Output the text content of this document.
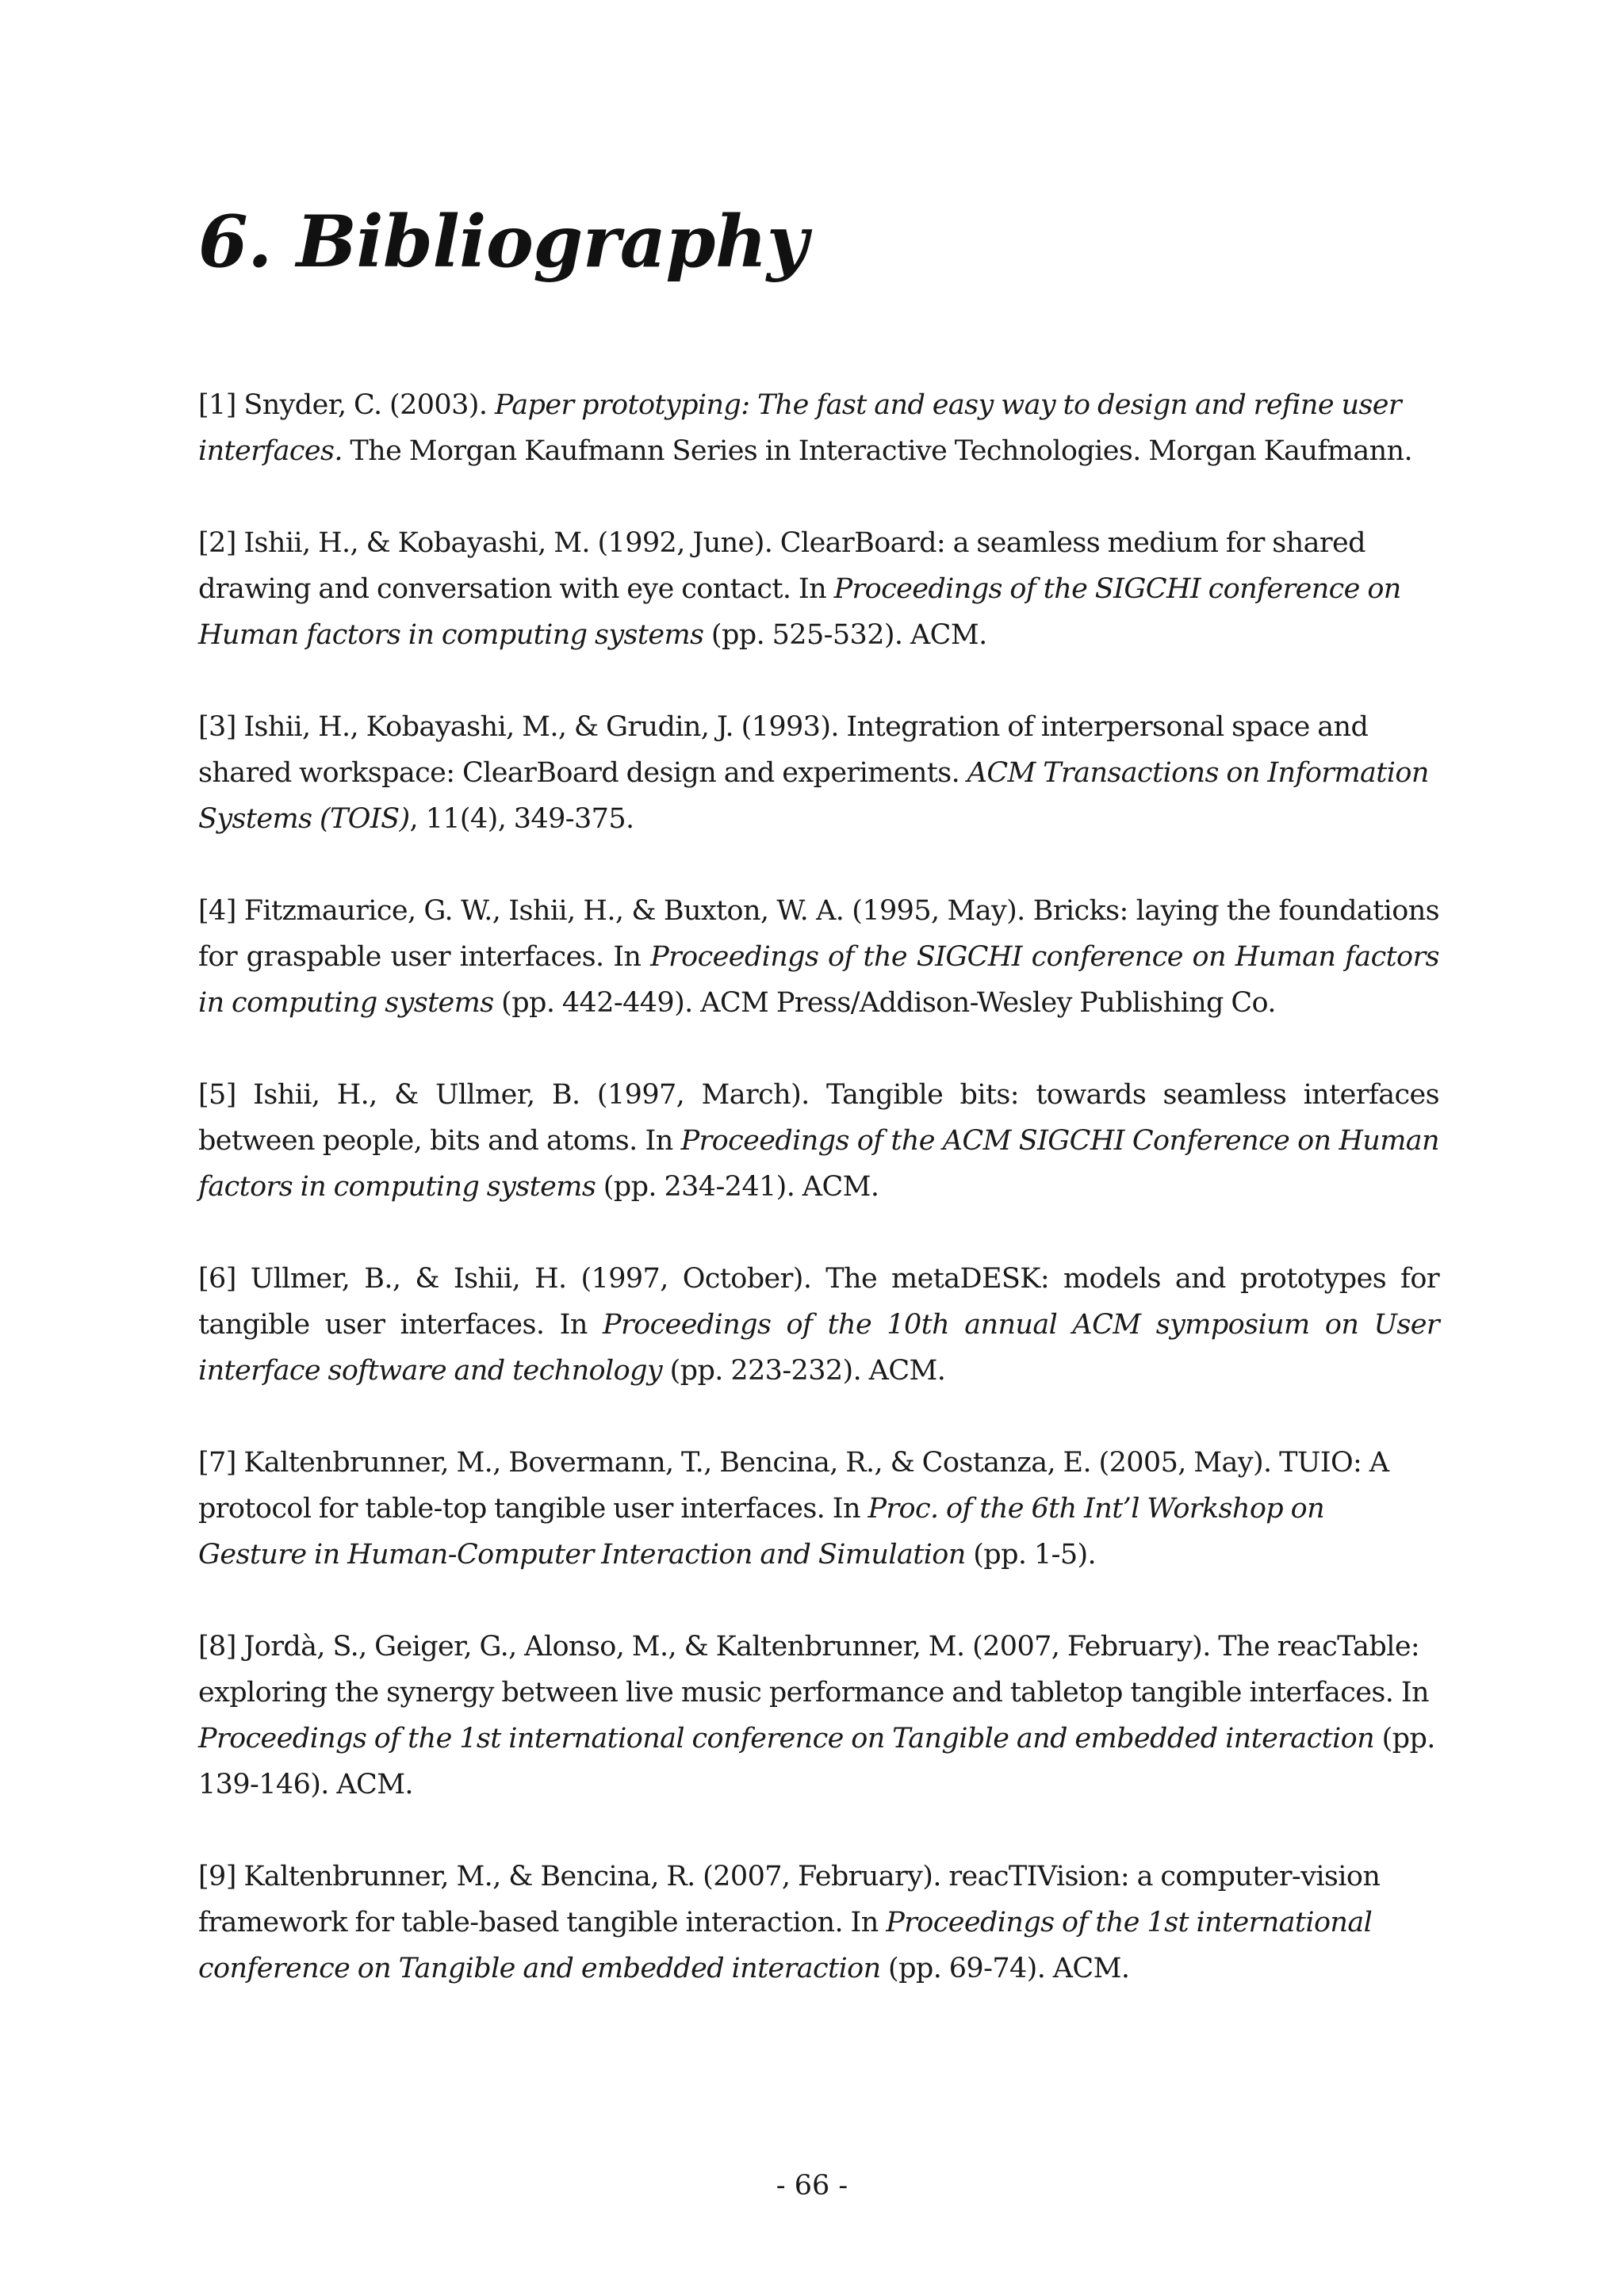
6. Bibliography
[1] Snyder, C. (2003). Paper prototyping: The fast and easy way to design and refine user interfaces. The Morgan Kaufmann Series in Interactive Technologies. Morgan Kaufmann.
[2] Ishii, H., & Kobayashi, M. (1992, June). ClearBoard: a seamless medium for shared drawing and conversation with eye contact. In Proceedings of the SIGCHI conference on Human factors in computing systems (pp. 525-532). ACM.
[3] Ishii, H., Kobayashi, M., & Grudin, J. (1993). Integration of interpersonal space and shared workspace: ClearBoard design and experiments. ACM Transactions on Information Systems (TOIS), 11(4), 349-375.
[4] Fitzmaurice, G. W., Ishii, H., & Buxton, W. A. (1995, May). Bricks: laying the foundations for graspable user interfaces. In Proceedings of the SIGCHI conference on Human factors in computing systems (pp. 442-449). ACM Press/Addison-Wesley Publishing Co.
[5] Ishii, H., & Ullmer, B. (1997, March). Tangible bits: towards seamless interfaces between people, bits and atoms. In Proceedings of the ACM SIGCHI Conference on Human factors in computing systems (pp. 234-241). ACM.
[6] Ullmer, B., & Ishii, H. (1997, October). The metaDESK: models and prototypes for tangible user interfaces. In Proceedings of the 10th annual ACM symposium on User interface software and technology (pp. 223-232). ACM.
[7] Kaltenbrunner, M., Bovermann, T., Bencina, R., & Costanza, E. (2005, May). TUIO: A protocol for table-top tangible user interfaces. In Proc. of the 6th Int’l Workshop on Gesture in Human-Computer Interaction and Simulation (pp. 1-5).
[8] Jordà, S., Geiger, G., Alonso, M., & Kaltenbrunner, M. (2007, February). The reacTable: exploring the synergy between live music performance and tabletop tangible interfaces. In Proceedings of the 1st international conference on Tangible and embedded interaction (pp. 139-146). ACM.
[9] Kaltenbrunner, M., & Bencina, R. (2007, February). reacTIVision: a computer-vision framework for table-based tangible interaction. In Proceedings of the 1st international conference on Tangible and embedded interaction (pp. 69-74). ACM.
- 66 -
